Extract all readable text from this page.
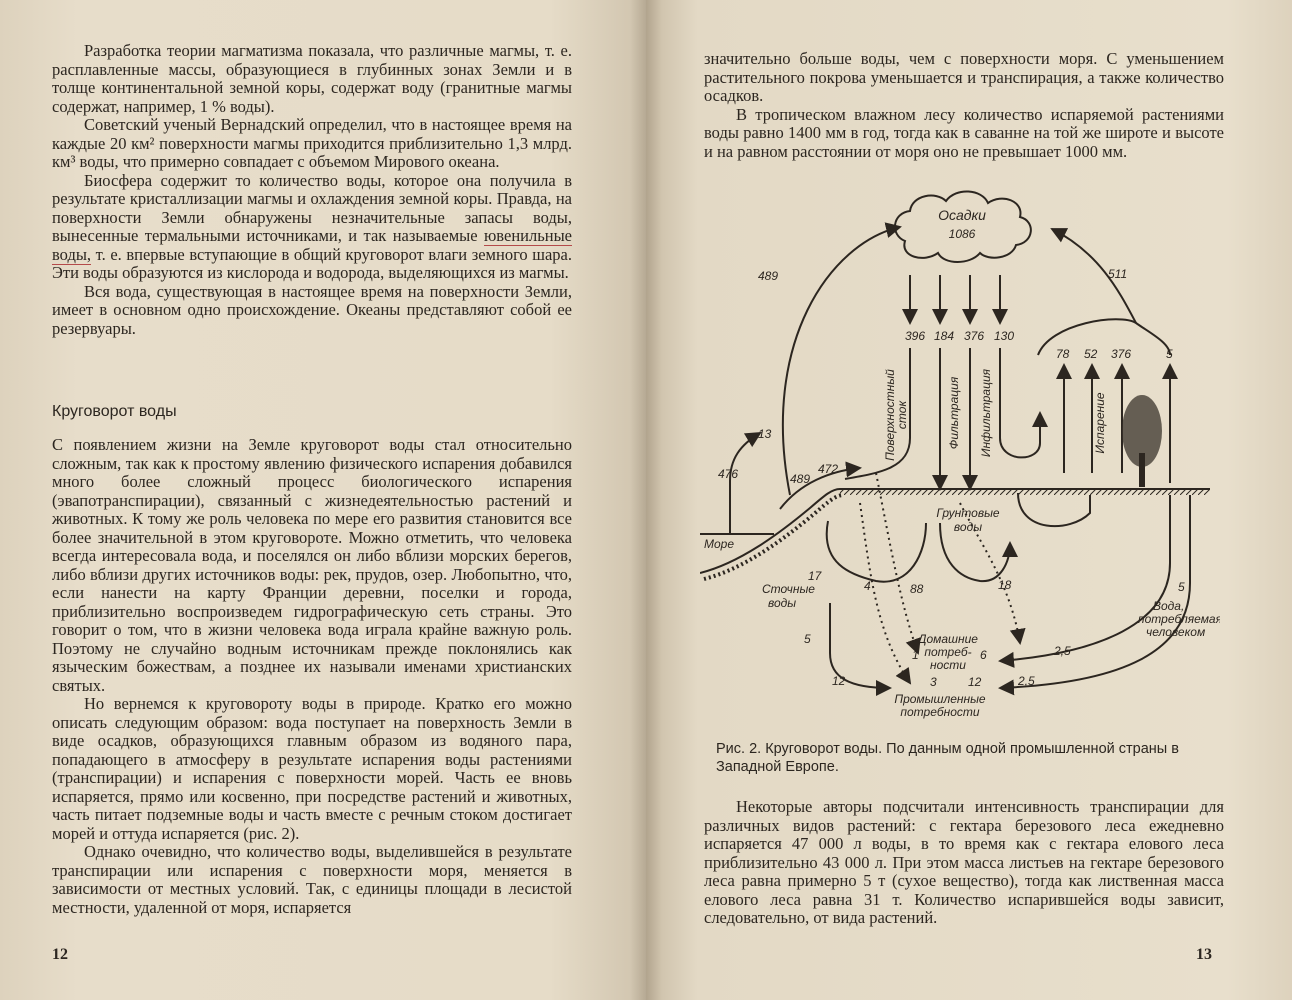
Разработка теории магматизма показала, что различные магмы, т. е. расплавленные массы, образующиеся в глубинных зонах Земли и в толще континентальной земной коры, содержат воду (гранитные магмы содержат, например, 1 % воды).

Советский ученый Вернадский определил, что в настоящее время на каждые 20 км² поверхности магмы приходится приблизительно 1,3 млрд. км³ воды, что примерно совпадает с объемом Мирового океана.

Биосфера содержит то количество воды, которое она получила в результате кристаллизации магмы и охлаждения земной коры. Правда, на поверхности Земли обнаружены незначительные запасы воды, вынесенные термальными источниками, и так называемые ювенильные воды, т. е. впервые вступающие в общий круговорот влаги земного шара. Эти воды образуются из кислорода и водорода, выделяющихся из магмы.

Вся вода, существующая в настоящее время на поверхности Земли, имеет в основном одно происхождение. Океаны представляют собой ее резервуары.

Круговорот воды

С появлением жизни на Земле круговорот воды стал относительно сложным, так как к простому явлению физического испарения добавился много более сложный процесс биологического испарения (эвапотранспирации), связанный с жизнедеятельностью растений и животных. К тому же роль человека по мере его развития становится все более значительной в этом круговороте. Можно отметить, что человека всегда интересовала вода, и поселялся он либо вблизи морских берегов, либо вблизи других источников воды: рек, прудов, озер. Любопытно, что, если нанести на карту Франции деревни, поселки и города, приблизительно воспроизведем гидрографическую сеть страны. Это говорит о том, что в жизни человека вода играла крайне важную роль. Поэтому не случайно водным источникам прежде поклонялись как языческим божествам, а позднее их называли именами христианских святых.

Но вернемся к круговороту воды в природе. Кратко его можно описать следующим образом: вода поступает на поверхность Земли в виде осадков, образующихся главным образом из водяного пара, попадающего в атмосферу в результате испарения воды растениями (транспирации) и испарения с поверхности морей. Часть ее вновь испаряется, прямо или косвенно, при посредстве растений и животных, часть питает подземные воды и часть вместе с речным стоком достигает морей и оттуда испаряется (рис. 2).

Однако очевидно, что количество воды, выделившейся в результате транспирации или испарения с поверхности моря, меняется в зависимости от местных условий. Так, с единицы площади в лесистой местности, удаленной от моря, испаряется

12

значительно больше воды, чем с поверхности моря. С уменьшением растительного покрова уменьшается и транспирация, а также количество осадков.

В тропическом влажном лесу количество испаряемой растениями воды равно 1400 мм в год, тогда как в саванне на той же широте и высоте и на равном расстоянии от моря оно не превышает 1000 мм.

Осадки
1086
489	511
396 184 376 130
78 52 376	5
Поверхностный
сток	Фильтрация Инфильтрация	Испарение
Море
476
13
489
472
Грунтовые
воды
88
4	18
17
Сточные
воды
5
12
Домашние
потреб-
ности
1	6
3	12
Промышленные
потребности
5
Вода,
потребляемая
человеком
2,5
2,5
Рис. 2. Круговорот воды. По данным одной промышленной страны в Западной Европе.

Некоторые авторы подсчитали интенсивность транспирации для различных видов растений: с гектара березового леса ежедневно испаряется 47 000 л воды, в то время как с гектара елового леса приблизительно 43 000 л. При этом масса листьев на гектаре березового леса равна примерно 5 т (сухое вещество), тогда как лиственная масса елового леса равна 31 т. Количество испарившейся воды зависит, следовательно, от вида растений.

13
